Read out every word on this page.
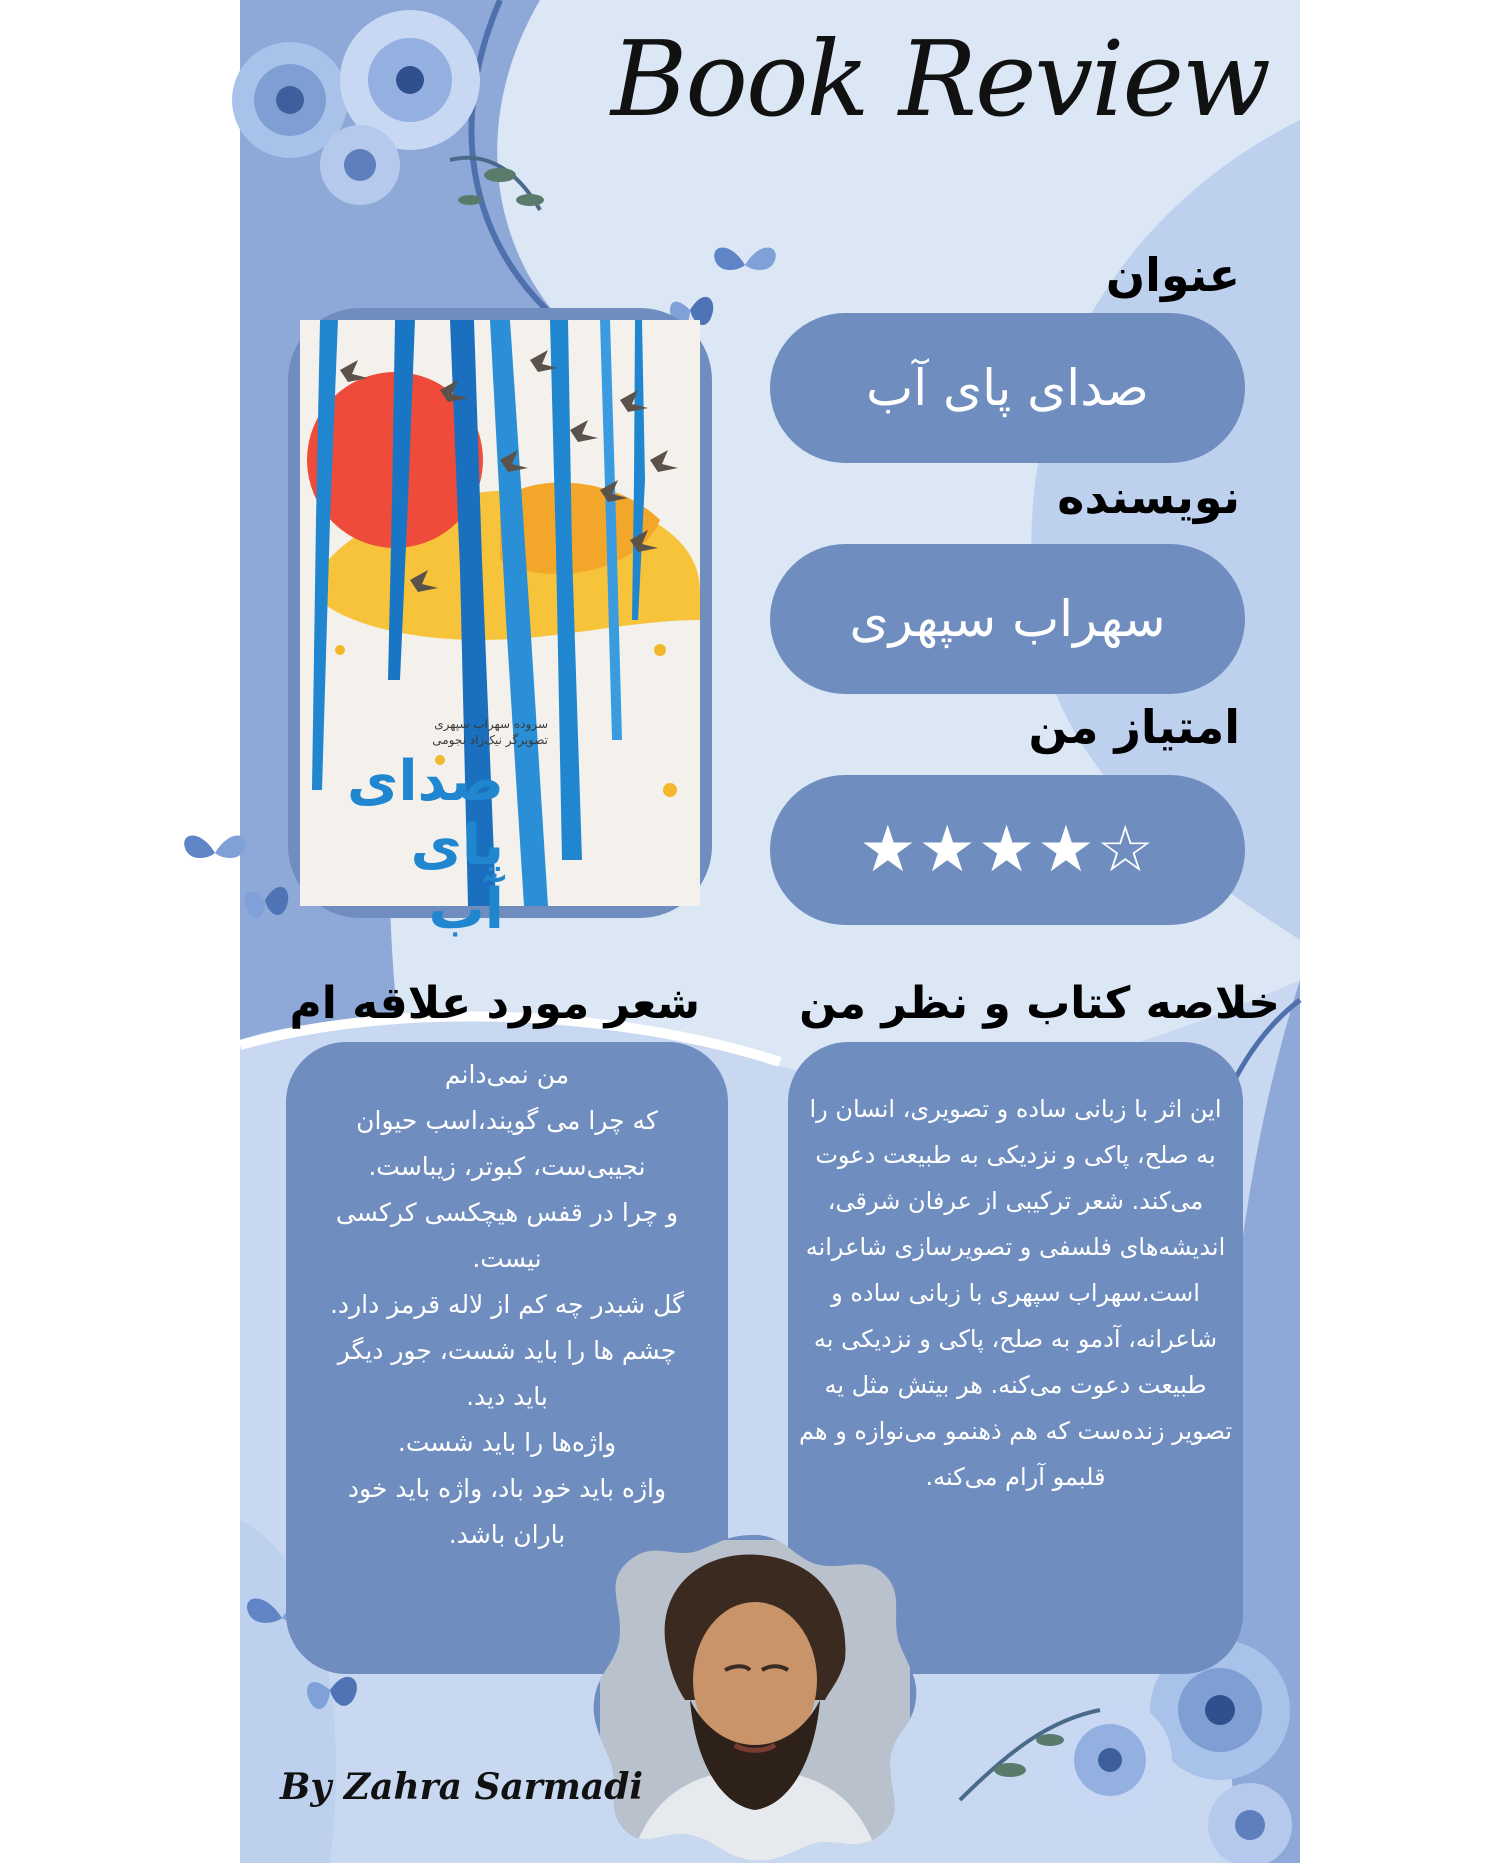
Book Review
عنوان
نویسنده
امتیاز من
خلاصه کتاب و نظر من
شعر مورد علاقه ام
صدای پای آب
سهراب سپهری
★★★★☆
سروده سهراب سپهری
تصویرگر نیک‌زاد نجومی
صدای
پای
آب
من نمی‌دانم
که چرا می گویند،اسب حیوان
نجیبی‌ست، کبوتر، زیباست.
و چرا در قفس هیچکسی کرکسی
نیست.
گل شبدر چه کم از لاله قرمز دارد.
چشم ها را باید شست، جور دیگر
باید دید.
واژه‌ها را باید شست.
واژه باید خود باد، واژه باید خود
باران باشد.
این اثر با زبانی ساده و تصویری، انسان را به صلح، پاکی و نزدیکی به طبیعت دعوت می‌کند. شعر ترکیبی از عرفان شرقی، اندیشه‌های فلسفی و تصویرسازی شاعرانه است.سهراب سپهری با زبانی ساده و شاعرانه، آدمو به صلح، پاکی و نزدیکی به طبیعت دعوت می‌کنه. هر بیتش مثل یه تصویر زنده‌ست که هم ذهنمو می‌نوازه و هم قلبمو آرام می‌کنه.
By Zahra Sarmadi
